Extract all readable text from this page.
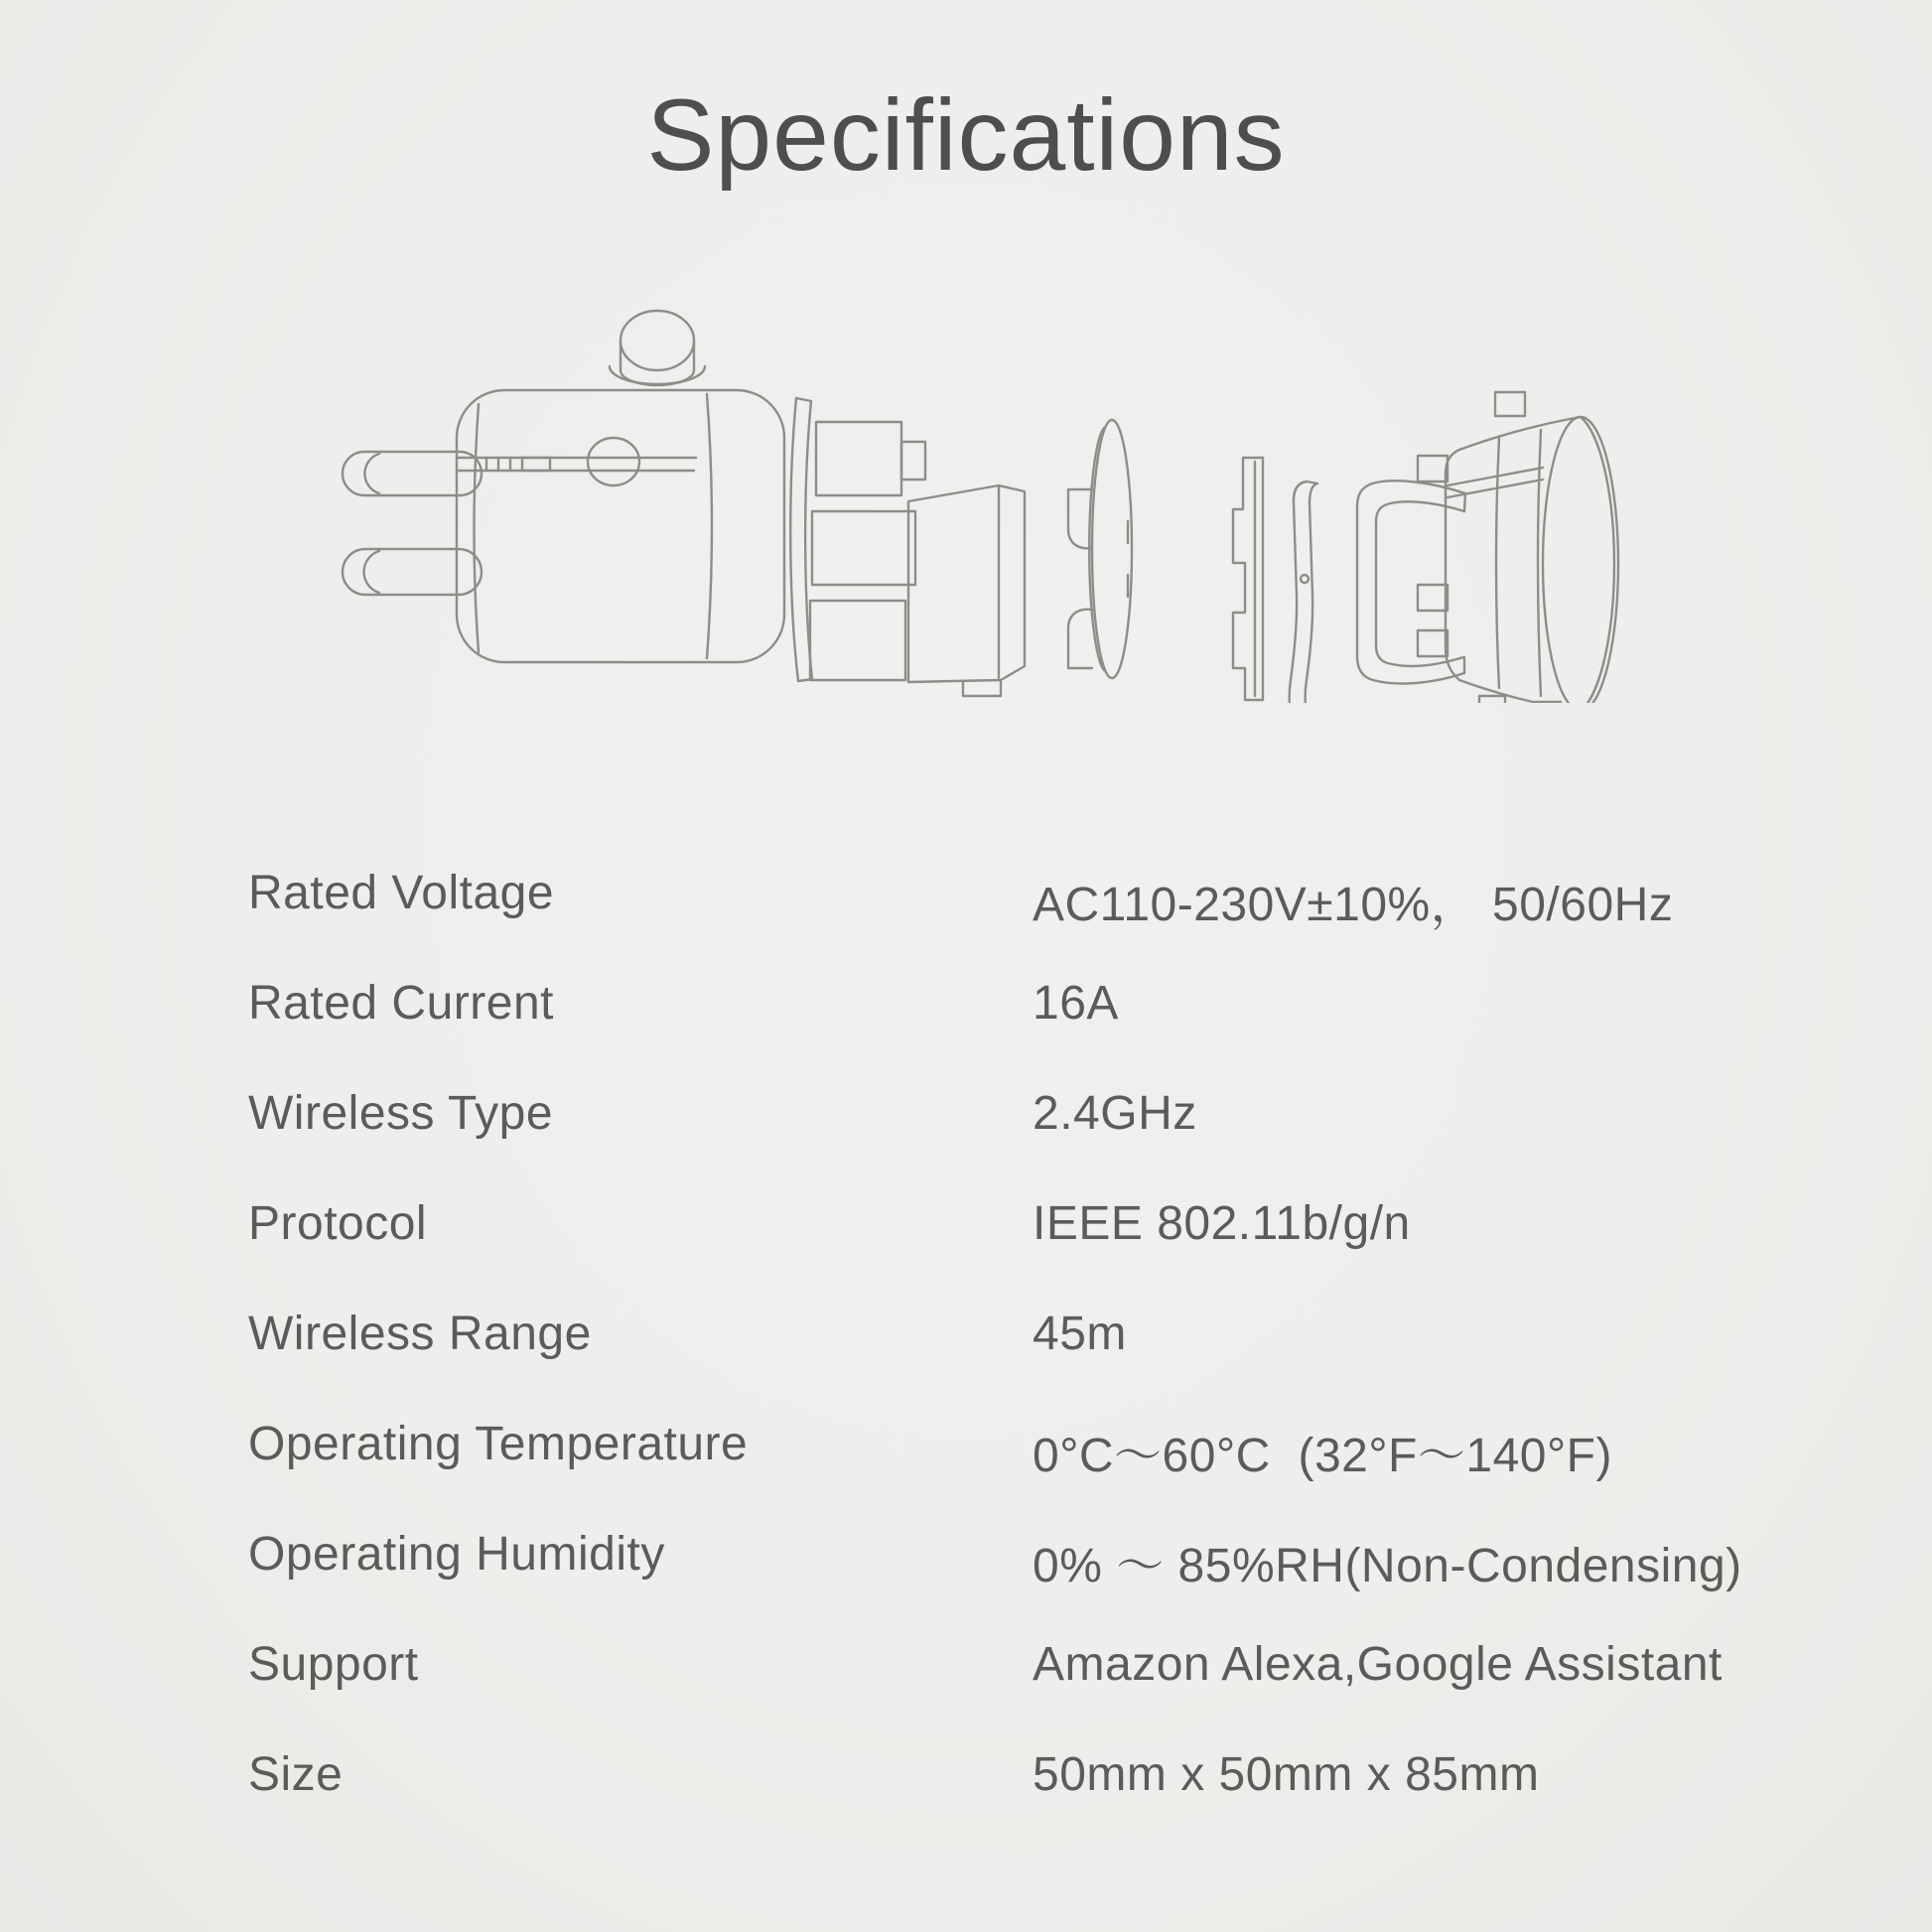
Specifications
Rated Voltage	AC110-230V±10%， 50/60Hz
Rated Current	16A
Wireless Type	2.4GHz
Protocol	IEEE 802.11b/g/n
Wireless Range	45m
Operating Temperature	0°C～60°C  (32°F～140°F)
Operating Humidity	0% ～ 85%RH(Non-Condensing)
Support	Amazon Alexa,Google Assistant
Size	50mm x 50mm x 85mm
